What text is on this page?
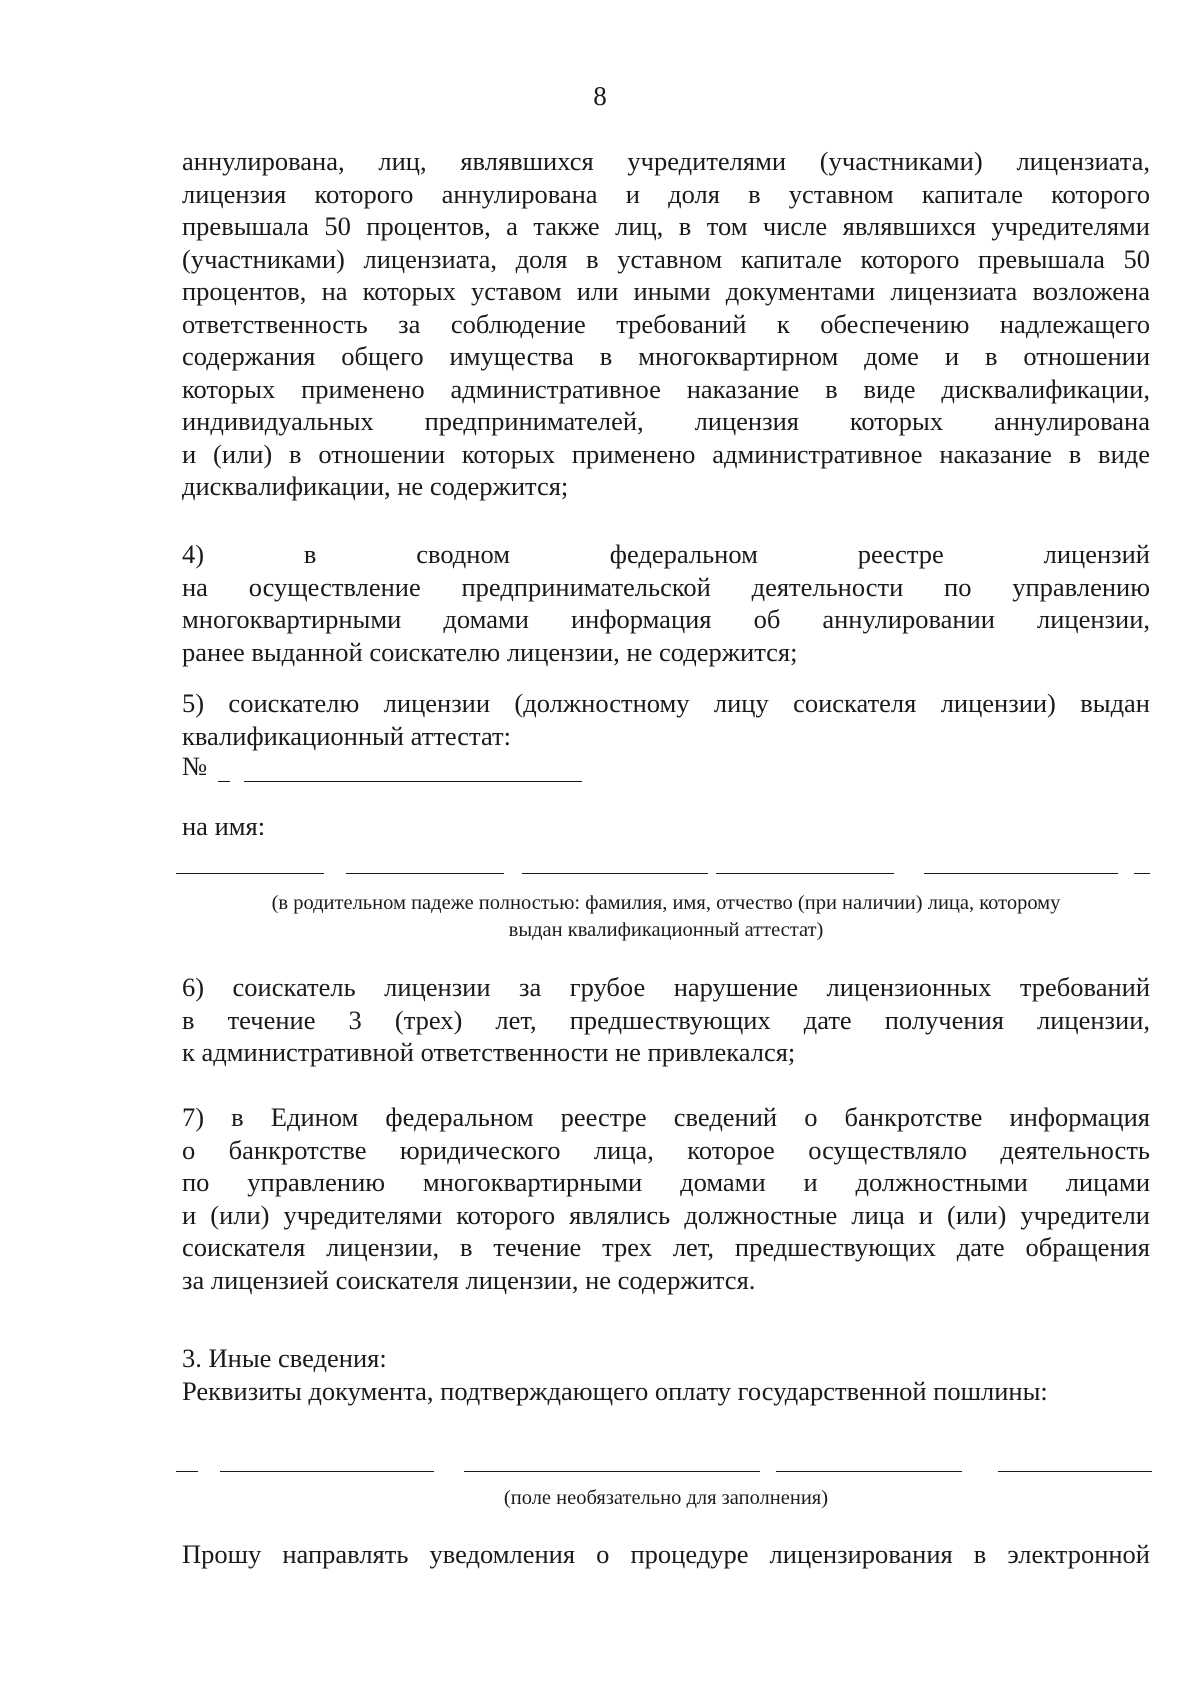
8
аннулирована, лиц, являвшихся учредителями (участниками) лицензиата,
лицензия которого аннулирована и доля в уставном капитале которого
превышала 50 процентов, а также лиц, в том числе являвшихся учредителями
(участниками) лицензиата, доля в уставном капитале которого превышала 50
процентов, на которых уставом или иными документами лицензиата возложена
ответственность за соблюдение требований к обеспечению надлежащего
содержания общего имущества в многоквартирном доме и в отношении
которых применено административное наказание в виде дисквалификации,
индивидуальных предпринимателей, лицензия которых аннулирована
и (или) в отношении которых применено административное наказание в виде
дисквалификации, не содержится;
4) в сводном федеральном реестре лицензий
на осуществление предпринимательской деятельности по управлению
многоквартирными домами информация об аннулировании лицензии,
ранее выданной соискателю лицензии, не содержится;
5) соискателю лицензии (должностному лицу соискателя лицензии) выдан
квалификационный аттестат:
№
на имя:
(в родительном падеже полностью: фамилия, имя, отчество (при наличии) лица, которому
выдан квалификационный аттестат)
6) соискатель лицензии за грубое нарушение лицензионных требований
в течение 3 (трех) лет, предшествующих дате получения лицензии,
к административной ответственности не привлекался;
7) в Едином федеральном реестре сведений о банкротстве информация
о банкротстве юридического лица, которое осуществляло деятельность
по управлению многоквартирными домами и должностными лицами
и (или) учредителями которого являлись должностные лица и (или) учредители
соискателя лицензии, в течение трех лет, предшествующих дате обращения
за лицензией соискателя лицензии, не содержится.
3. Иные сведения:
Реквизиты документа, подтверждающего оплату государственной пошлины:
(поле необязательно для заполнения)
Прошу направлять уведомления о процедуре лицензирования в электронной
